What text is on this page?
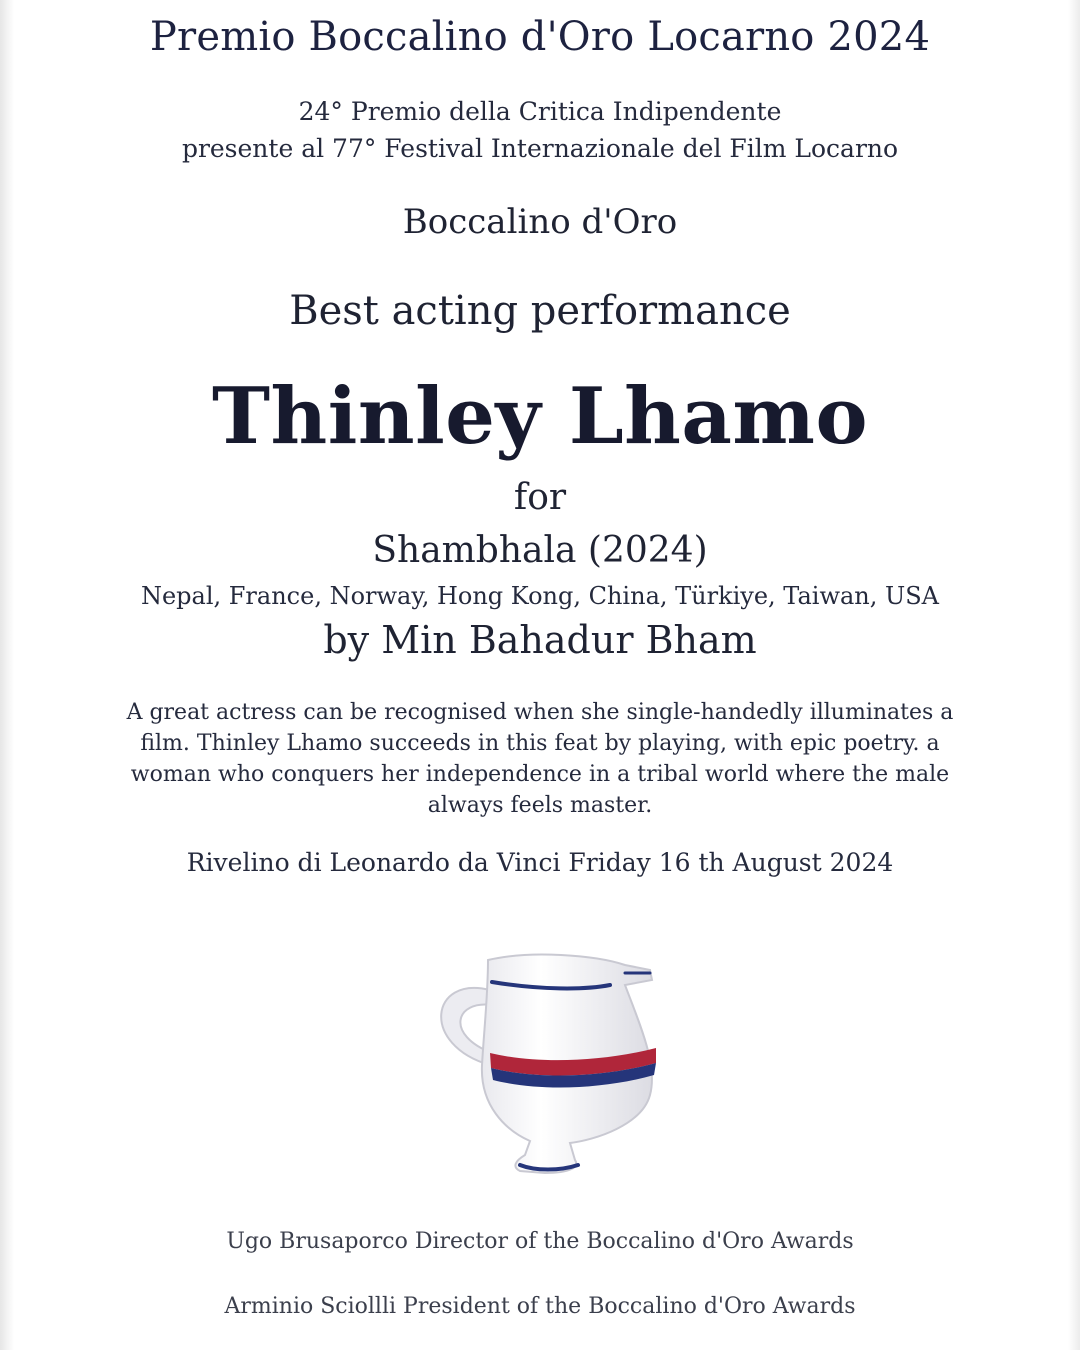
Premio Boccalino d'Oro Locarno 2024
24° Premio della Critica Indipendente
presente al 77° Festival Internazionale del Film Locarno
Boccalino d'Oro
Best acting performance
Thinley Lhamo
for
Shambhala (2024)
Nepal, France, Norway, Hong Kong, China, Türkiye, Taiwan, USA
by Min Bahadur Bham
A great actress can be recognised when she single-handedly illuminates a film. Thinley Lhamo succeeds in this feat by playing, with epic poetry. a woman who conquers her independence in a tribal world where the male always feels master.
Rivelino di Leonardo da Vinci Friday 16 th August 2024
Ugo Brusaporco Director of the Boccalino d'Oro Awards
Arminio Sciollli President of the Boccalino d'Oro Awards
